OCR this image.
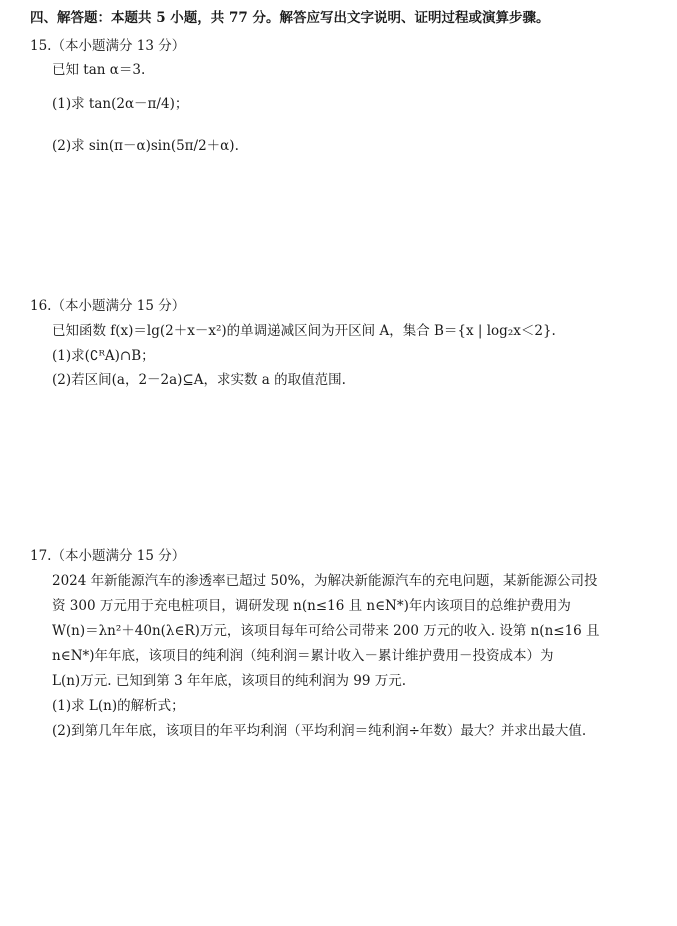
四、解答题：本题共 5 小题，共 77 分。解答应写出文字说明、证明过程或演算步骤。
15.（本小题满分 13 分）
已知 tan α＝3.
(1)求 tan(2α－π/4)；
(2)求 sin(π－α)sin(5π/2＋α).
16.（本小题满分 15 分）
已知函数 f(x)＝lg(2＋x－x²)的单调递减区间为开区间 A，集合 B＝{x | log₂x＜2}.
(1)求(∁ᴿA)∩B；
(2)若区间(a，2－2a)⊆A，求实数 a 的取值范围.
17.（本小题满分 15 分）
2024 年新能源汽车的渗透率已超过 50%，为解决新能源汽车的充电问题，某新能源公司投
资 300 万元用于充电桩项目，调研发现 n(n≤16 且 n∈N*)年内该项目的总维护费用为
W(n)＝λn²＋40n(λ∈R)万元，该项目每年可给公司带来 200 万元的收入. 设第 n(n≤16 且
n∈N*)年年底，该项目的纯利润（纯利润＝累计收入－累计维护费用－投资成本）为
L(n)万元. 已知到第 3 年年底，该项目的纯利润为 99 万元.
(1)求 L(n)的解析式；
(2)到第几年年底，该项目的年平均利润（平均利润＝纯利润÷年数）最大？并求出最大值.
